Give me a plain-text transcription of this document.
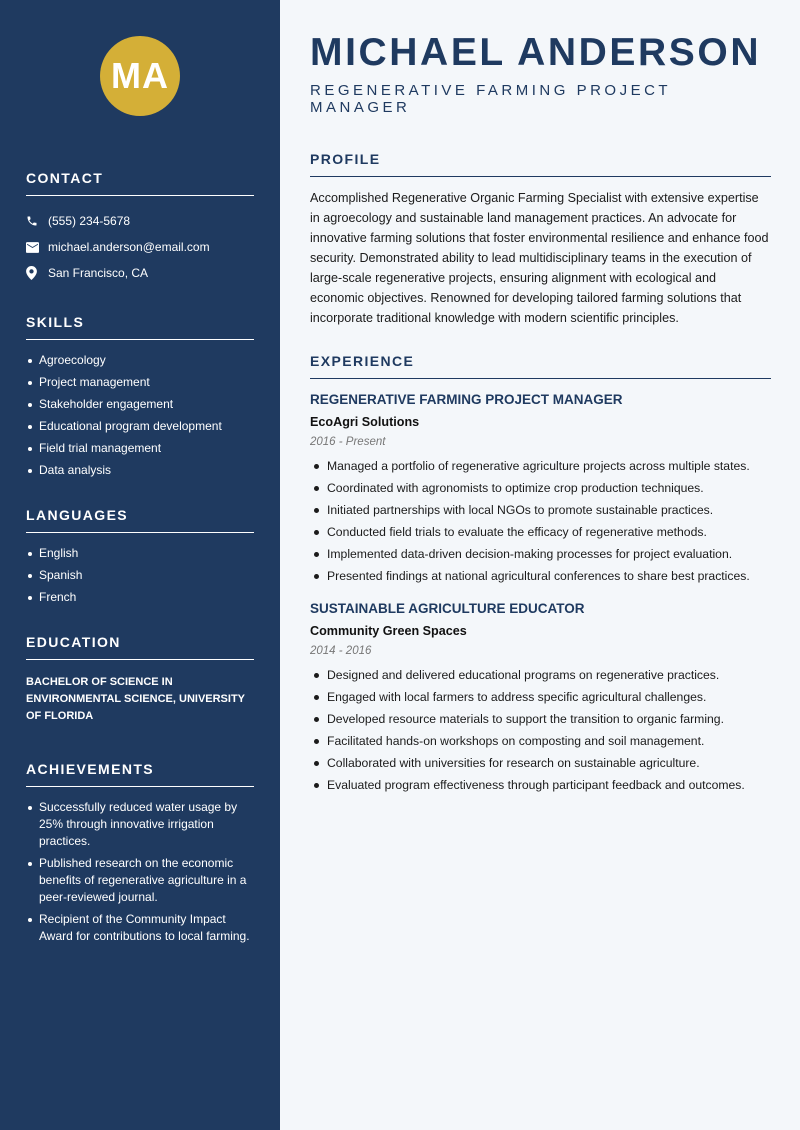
MA
CONTACT
(555) 234-5678
michael.anderson@email.com
San Francisco, CA
SKILLS
Agroecology
Project management
Stakeholder engagement
Educational program development
Field trial management
Data analysis
LANGUAGES
English
Spanish
French
EDUCATION
BACHELOR OF SCIENCE IN ENVIRONMENTAL SCIENCE, UNIVERSITY OF FLORIDA
ACHIEVEMENTS
Successfully reduced water usage by 25% through innovative irrigation practices.
Published research on the economic benefits of regenerative agriculture in a peer-reviewed journal.
Recipient of the Community Impact Award for contributions to local farming.
MICHAEL ANDERSON
REGENERATIVE FARMING PROJECT MANAGER
PROFILE

Accomplished Regenerative Organic Farming Specialist with extensive expertise in agroecology and sustainable land management practices. An advocate for innovative farming solutions that foster environmental resilience and enhance food security. Demonstrated ability to lead multidisciplinary teams in the execution of large-scale regenerative projects, ensuring alignment with ecological and economic objectives. Renowned for developing tailored farming solutions that incorporate traditional knowledge with modern scientific principles.

EXPERIENCE
REGENERATIVE FARMING PROJECT MANAGER
EcoAgri Solutions
2016 - Present
Managed a portfolio of regenerative agriculture projects across multiple states.
Coordinated with agronomists to optimize crop production techniques.
Initiated partnerships with local NGOs to promote sustainable practices.
Conducted field trials to evaluate the efficacy of regenerative methods.
Implemented data-driven decision-making processes for project evaluation.
Presented findings at national agricultural conferences to share best practices.
SUSTAINABLE AGRICULTURE EDUCATOR
Community Green Spaces
2014 - 2016
Designed and delivered educational programs on regenerative practices.
Engaged with local farmers to address specific agricultural challenges.
Developed resource materials to support the transition to organic farming.
Facilitated hands-on workshops on composting and soil management.
Collaborated with universities for research on sustainable agriculture.
Evaluated program effectiveness through participant feedback and outcomes.
